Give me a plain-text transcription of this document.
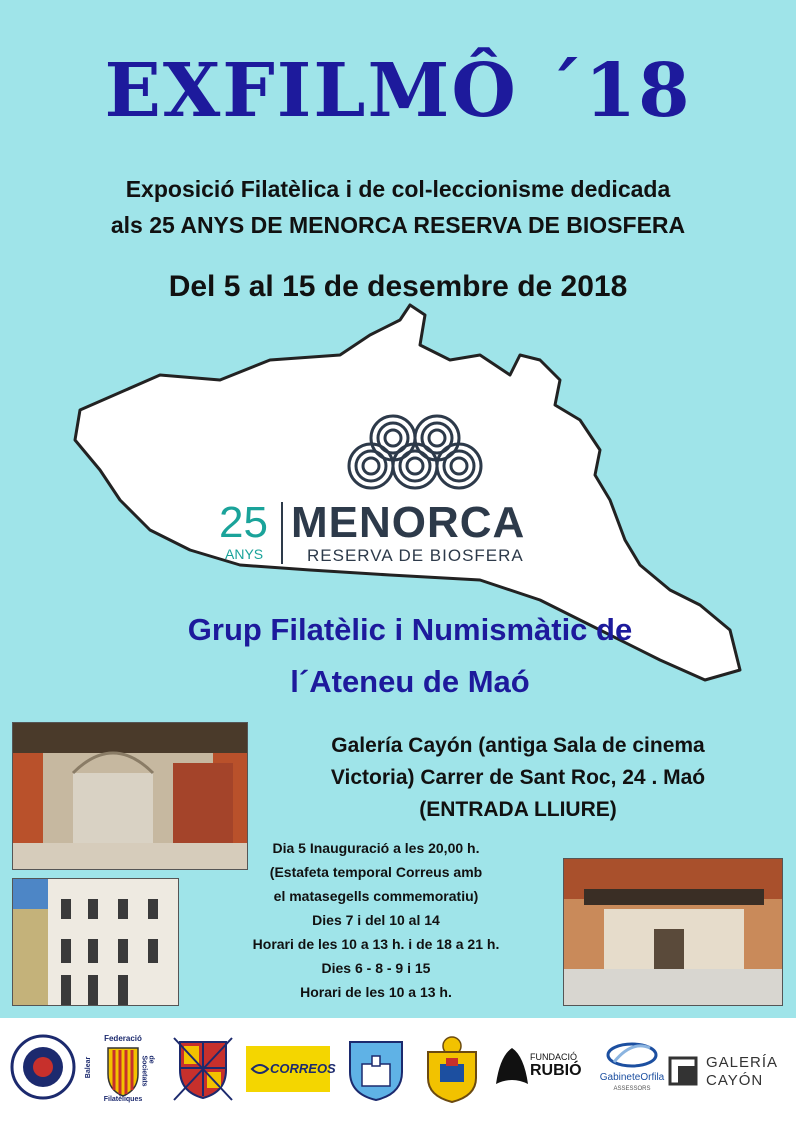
EXFILMÔ ´18
Exposició Filatèlica i de col-leccionisme dedicada
als 25 ANYS DE MENORCA RESERVA DE BIOSFERA
Del 5 al 15 de desembre de 2018
25
ANYS
MENORCA
RESERVA DE BIOSFERA
Grup Filatèlic i Numismàtic de
l´Ateneu de Maó
Galería Cayón (antiga Sala de cinema
Victoria) Carrer de Sant Roc, 24 . Maó
(ENTRADA LLIURE)
Dia 5 Inauguració a les 20,00 h.
(Estafeta temporal Correus amb
el matasegells commemoratiu)
Dies 7 i del 10 al 14
Horari de les 10 a 13 h. i de 18 a 21 h.
Dies 6 - 8 - 9 i 15
Horari de les 10 a 13 h.
Federació
Balear	de Societats
Filatèliques
CORREOS
FUNDACIÓ
RUBIÓ	GabineteOrfila
ASSESSORS
GALERÍA
CAYÓN
